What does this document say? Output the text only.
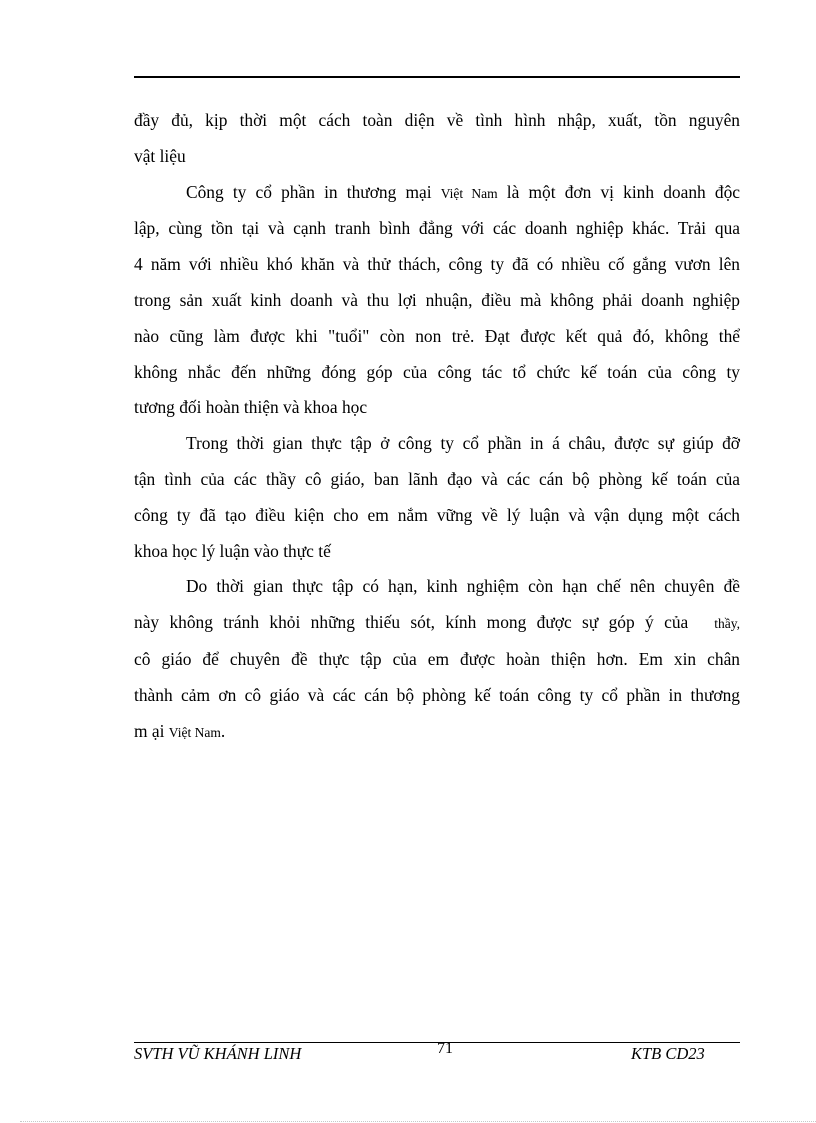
đầy đủ, kịp thời một cách toàn diện về tình hình nhập, xuất, tồn nguyên

vật liệu

Công ty cổ phần in thương mại Việt Nam là một đơn vị kinh doanh độc

lập, cùng tồn tại và cạnh tranh bình đẳng với các doanh nghiệp khác. Trải qua

4 năm với nhiều khó khăn và thử thách, công ty đã có nhiều cố gắng vươn lên

trong sản xuất kinh doanh và thu lợi nhuận, điều mà không phải doanh nghiệp

nào cũng làm được khi "tuổi" còn non trẻ. Đạt được kết quả đó, không thể

không nhắc đến những đóng góp của công tác tổ chức kế toán của công ty

tương đối hoàn thiện và khoa học

Trong thời gian thực tập ở công ty cổ phần in á châu, được sự giúp đỡ

tận tình của các thầy cô giáo, ban lãnh đạo và các cán bộ phòng kế toán của

công ty đã tạo điều kiện cho em nắm vững về lý luận và vận dụng một cách

khoa học lý luận vào thực tế

Do thời gian thực tập có hạn, kinh nghiệm còn hạn chế nên chuyên đề

này không tránh khỏi những thiếu sót, kính mong được sự góp ý của thầy,

cô giáo để chuyên đề thực tập của em được hoàn thiện hơn. Em xin chân

thành cảm ơn cô giáo và các cán bộ phòng kế toán công ty cổ phần in thương

m ại Việt Nam.

SVTH VŨ KHÁNH LINH	71	KTB CD23
